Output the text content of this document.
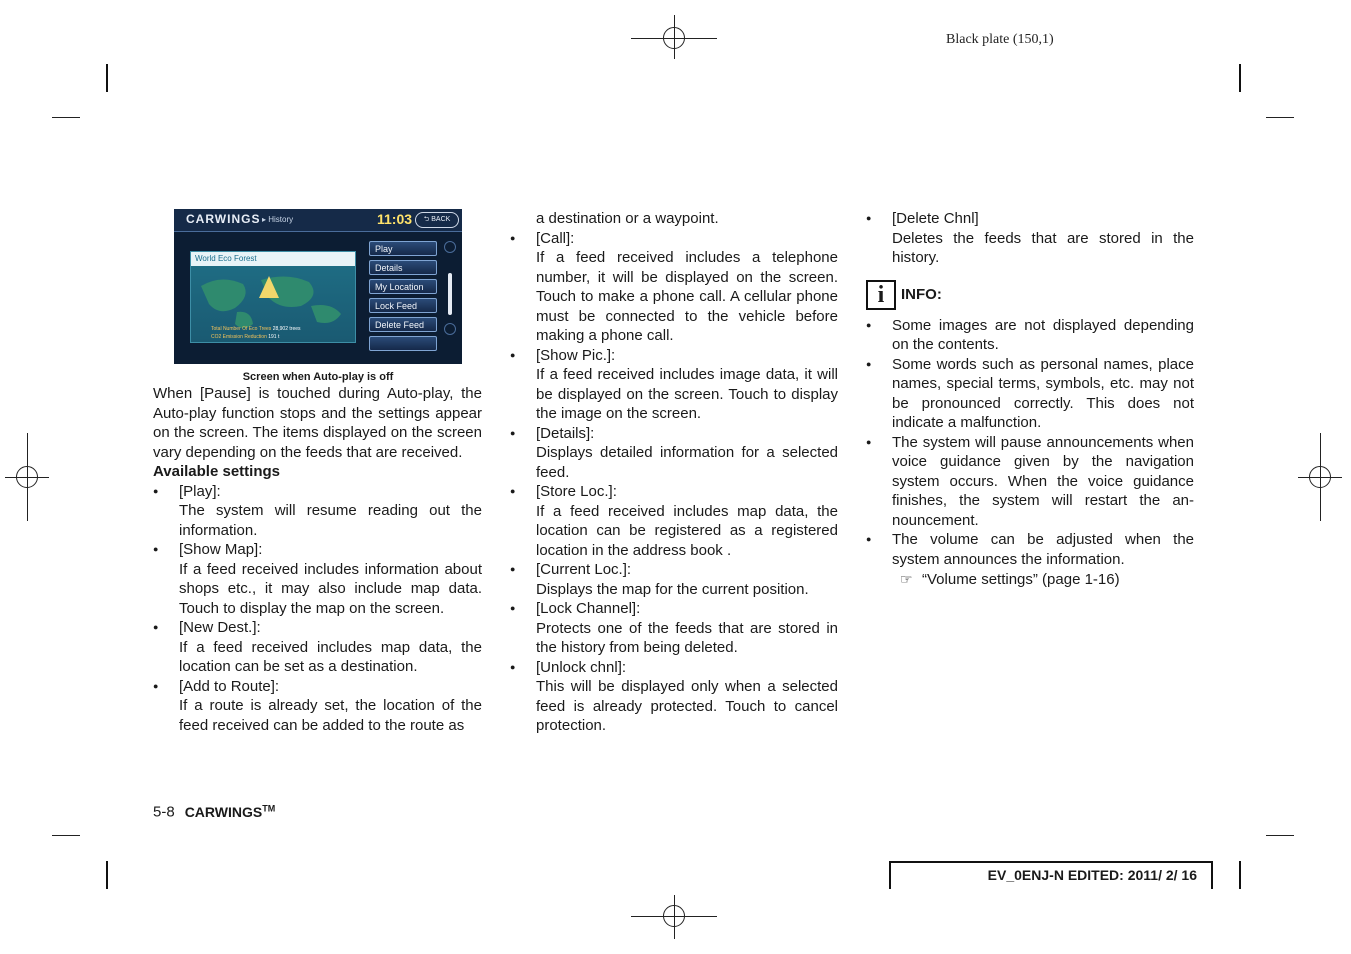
Black plate (150,1)
CARWINGS ▸ History	11:03	⮌ BACK
World Eco Forest
Total Number Of Eco Trees 28,902 trees
CO2 Emission Reduction 191 t
Play
Details
My Location
Lock Feed
Delete Feed
Screen when Auto-play is off

When [Pause] is touched during Auto-play, the Auto-play function stops and the settings appear on the screen. The items displayed on the screen vary depending on the feeds that are received.

Available settings

● [Play]:

The system will resume reading out the information.

● [Show Map]:

If a feed received includes information about shops etc., it may also include map data. Touch to display the map on the screen.

● [New Dest.]:

If a feed received includes map data, the location can be set as a destination.

● [Add to Route]:

If a route is already set, the location of the feed received can be added to the route as

a destination or a waypoint.

● [Call]:

If a feed received includes a telephone number, it will be displayed on the screen. Touch to make a phone call. A cellular phone must be connected to the vehicle before making a phone call.

● [Show Pic.]:

If a feed received includes image data, it will be displayed on the screen. Touch to display the image on the screen.

● [Details]:

Displays detailed information for a selected feed.

● [Store Loc.]:

If a feed received includes map data, the location can be registered as a registered location in the address book .

● [Current Loc.]:

Displays the map for the current position.

● [Lock Channel]:

Protects one of the feeds that are stored in the history from being deleted.

● [Unlock chnl]:

This will be displayed only when a selected feed is already protected. Touch to cancel protection.

● [Delete Chnl]

Deletes the feeds that are stored in the history.

i INFO:

● Some images are not displayed depending on the contents.

● Some words such as personal names, place names, special terms, symbols, etc. may not be pronounced correctly. This does not indicate a malfunction.

● The system will pause announcements when voice guidance given by the navigation system occurs. When the voice guidance finishes, the system will restart the an- nouncement.

● The volume can be adjusted when the system announces the information.

☞ “Volume settings” (page 1-16)

5-8 CARWINGS™
EV_0ENJ-N EDITED: 2011/ 2/ 16
